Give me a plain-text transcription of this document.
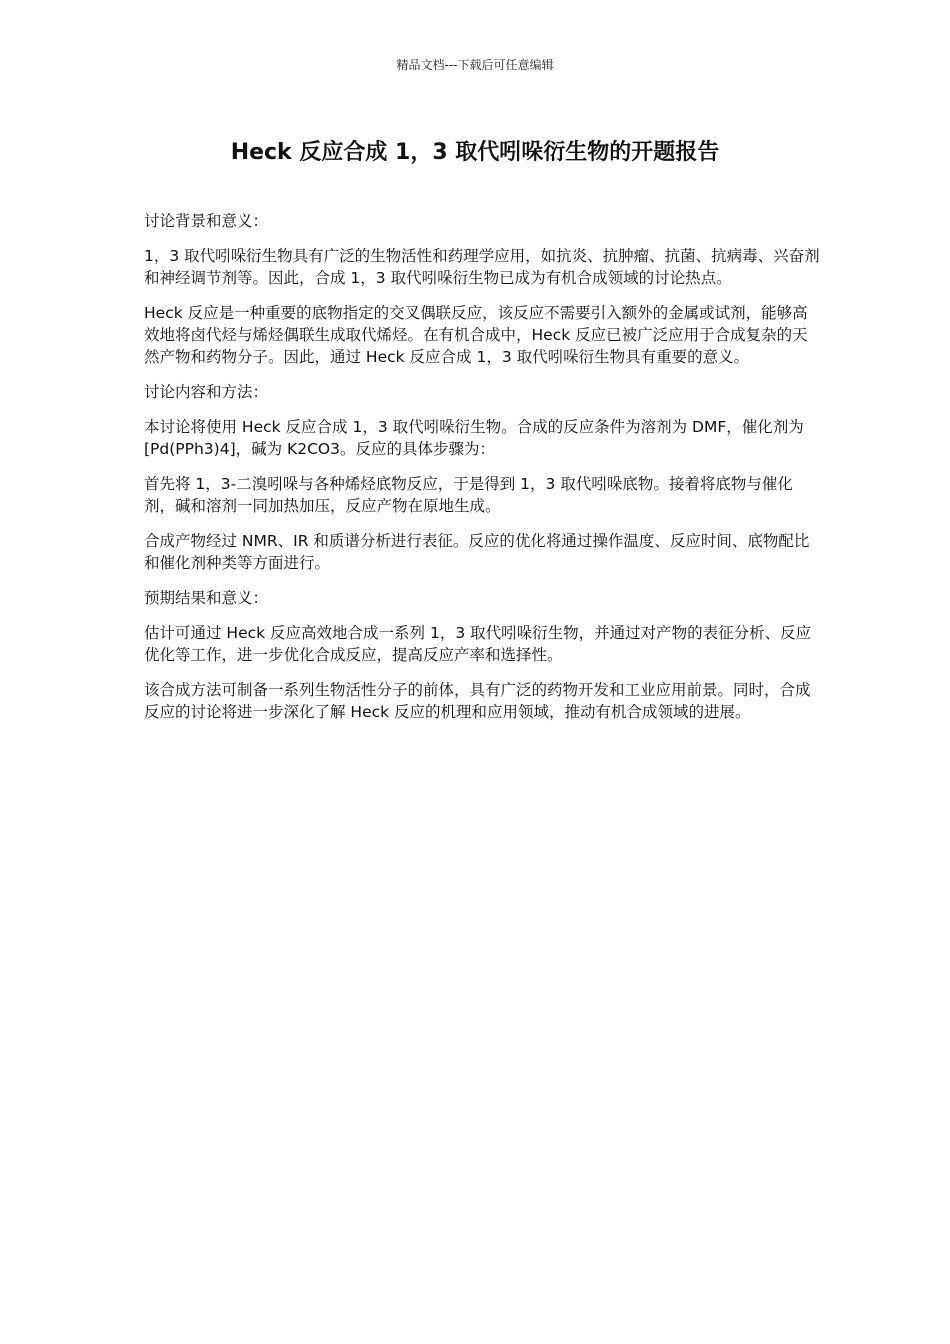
精品文档---下载后可任意编辑
Heck 反应合成 1，3 取代吲哚衍生物的开题报告

讨论背景和意义：

1，3 取代吲哚衍生物具有广泛的生物活性和药理学应用，如抗炎、抗肿瘤、抗菌、抗病毒、兴奋剂和神经调节剂等。因此，合成 1，3 取代吲哚衍生物已成为有机合成领域的讨论热点。

Heck 反应是一种重要的底物指定的交叉偶联反应，该反应不需要引入额外的金属或试剂，能够高效地将卤代烃与烯烃偶联生成取代烯烃。在有机合成中，Heck 反应已被广泛应用于合成复杂的天然产物和药物分子。因此，通过 Heck 反应合成 1，3 取代吲哚衍生物具有重要的意义。

讨论内容和方法：

本讨论将使用 Heck 反应合成 1，3 取代吲哚衍生物。合成的反应条件为溶剂为 DMF，催化剂为[Pd(PPh3)4]，碱为 K2CO3。反应的具体步骤为：

首先将 1，3-二溴吲哚与各种烯烃底物反应，于是得到 1，3 取代吲哚底物。接着将底物与催化剂，碱和溶剂一同加热加压，反应产物在原地生成。

合成产物经过 NMR、IR 和质谱分析进行表征。反应的优化将通过操作温度、反应时间、底物配比和催化剂种类等方面进行。

预期结果和意义：

估计可通过 Heck 反应高效地合成一系列 1，3 取代吲哚衍生物，并通过对产物的表征分析、反应优化等工作，进一步优化合成反应，提高反应产率和选择性。

该合成方法可制备一系列生物活性分子的前体，具有广泛的药物开发和工业应用前景。同时，合成反应的讨论将进一步深化了解 Heck 反应的机理和应用领域，推动有机合成领域的进展。
